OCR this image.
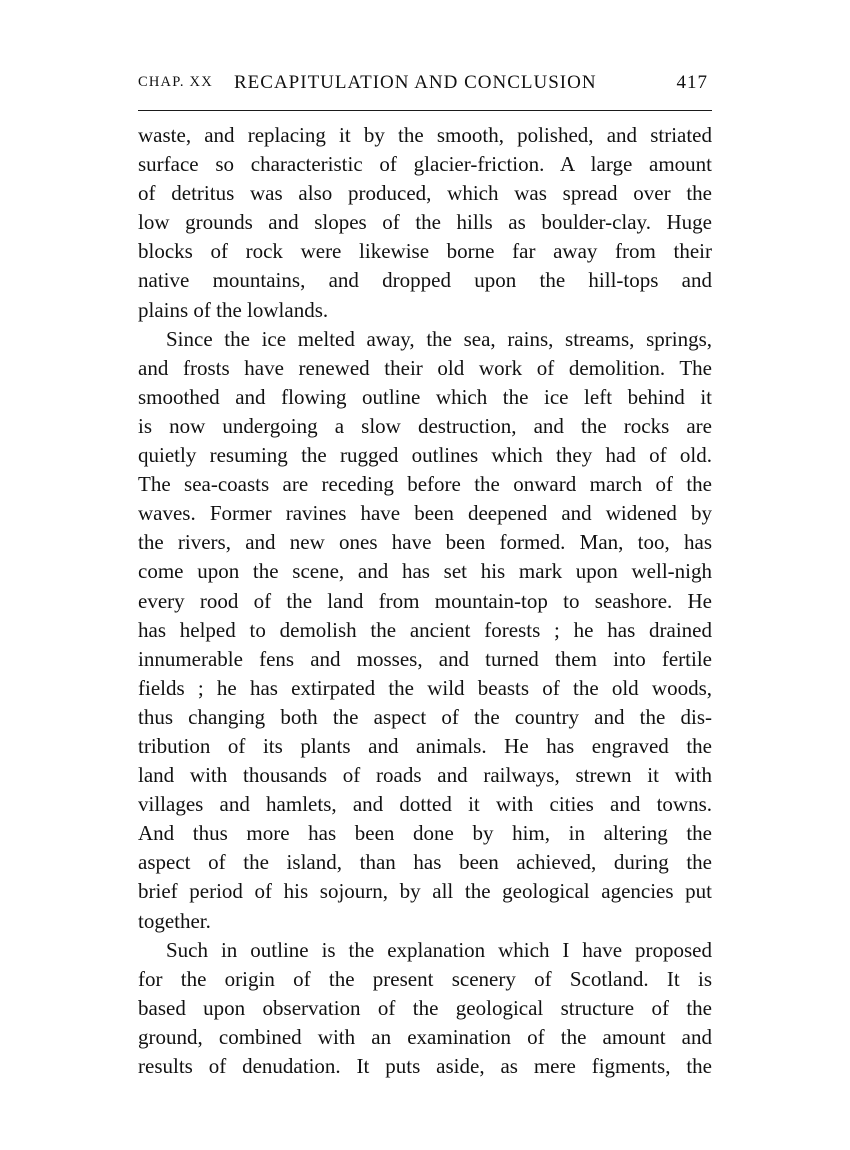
CHAP. XX RECAPITULATION AND CONCLUSION	417
waste, and replacing it by the smooth, polished, and striated
surface so characteristic of glacier-friction. A large amount
of detritus was also produced, which was spread over the
low grounds and slopes of the hills as boulder-clay. Huge
blocks of rock were likewise borne far away from their
native mountains, and dropped upon the hill-tops and
plains of the lowlands.
Since the ice melted away, the sea, rains, streams, springs,
and frosts have renewed their old work of demolition. The
smoothed and flowing outline which the ice left behind it
is now undergoing a slow destruction, and the rocks are
quietly resuming the rugged outlines which they had of old.
The sea-coasts are receding before the onward march of the
waves. Former ravines have been deepened and widened by
the rivers, and new ones have been formed. Man, too, has
come upon the scene, and has set his mark upon well-nigh
every rood of the land from mountain-top to seashore. He
has helped to demolish the ancient forests ; he has drained
innumerable fens and mosses, and turned them into fertile
fields ; he has extirpated the wild beasts of the old woods,
thus changing both the aspect of the country and the dis-
tribution of its plants and animals. He has engraved the
land with thousands of roads and railways, strewn it with
villages and hamlets, and dotted it with cities and towns.
And thus more has been done by him, in altering the
aspect of the island, than has been achieved, during the
brief period of his sojourn, by all the geological agencies put
together.
Such in outline is the explanation which I have proposed
for the origin of the present scenery of Scotland. It is
based upon observation of the geological structure of the
ground, combined with an examination of the amount and
results of denudation. It puts aside, as mere figments, the
